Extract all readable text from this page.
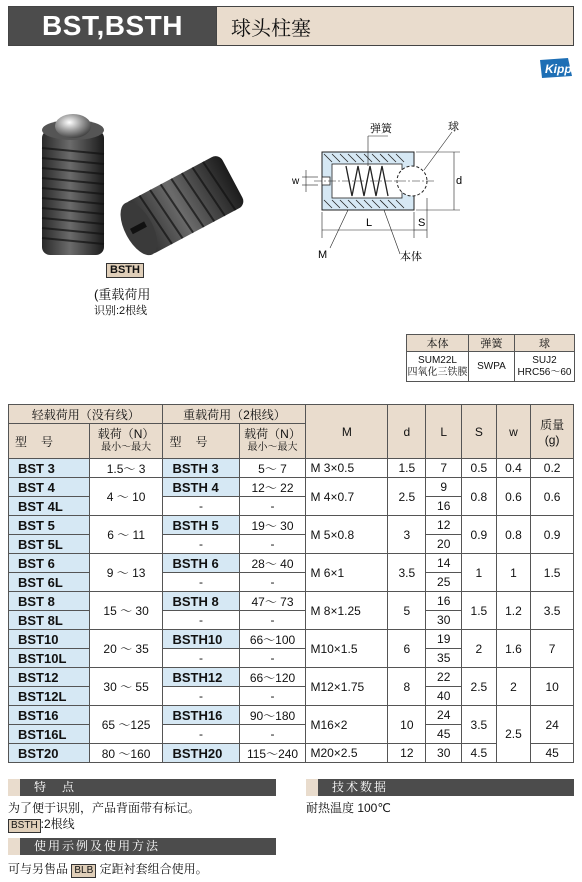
BST,BSTH	球头柱塞
Kipp
BSTH
(重载荷用
识别:2根线
弹簧	球
d
w
L	S
M	本体
本体	弹簧	球
SUM22L
四氧化三铁膜	SWPA	SUJ2
HRC56～60
轻载荷用（没有线）		重载荷用（2根线）		M	d	L	S	w	质量
(g)
型号	载荷（N）
最小～最大	型号	载荷（N）
最小～最大						

BST 3	1.5～ 3	BSTH 3	5～ 7	M 3×0.5	1.5	7	0.5	0.4	0.2
BST 4	4 ～ 10	BSTH 4	12～ 22	M 4×0.7	2.5	9	0.8	0.6	0.6
BST 4L		-	-			16			
BST 5	6 ～ 11	BSTH 5	19～ 30	M 5×0.8	3	12	0.9	0.8	0.9
BST 5L		-	-			20			
BST 6	9 ～ 13	BSTH 6	28～ 40	M 6×1	3.5	14	1	1	1.5
BST 6L		-	-			25			
BST 8	15 ～ 30	BSTH 8	47～ 73	M 8×1.25	5	16	1.5	1.2	3.5
BST 8L		-	-			30			
BST10	20 ～ 35	BSTH10	66～100	M10×1.5	6	19	2	1.6	7
BST10L		-	-			35			
BST12	30 ～ 55	BSTH12	66～120	M12×1.75	8	22	2.5	2	10
BST12L		-	-			40			
BST16	65 ～125	BSTH16	90～180	M16×2	10	24	3.5	2.5	24
BST16L		-	-			45			
BST20	80 ～160	BSTH20	115～240	M20×2.5	12	30	4.5		45
特　点
为了便于识别，产品背面带有标记。
BSTH :2根线
技术数据
耐热温度 100℃
使用示例及使用方法
可与另售品 BLB 定距衬套组合使用。
